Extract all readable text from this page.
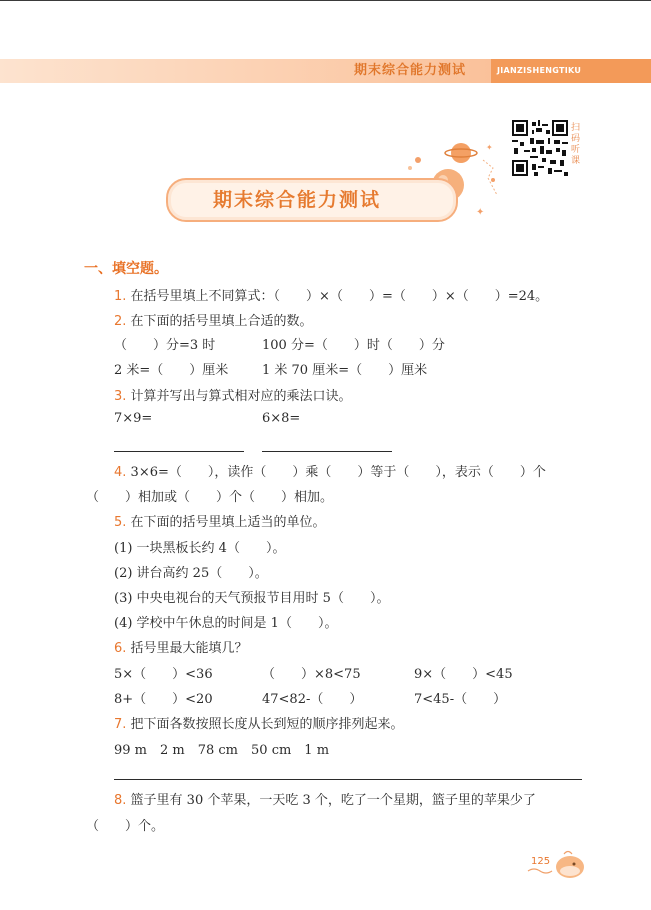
期末综合能力测试	JIANZISHENGTIKU
扫码听课
✦
✦
期末综合能力测试
一、填空题。
1. 在括号里填上不同算式：（　　）×（　　）=（　　）×（　　）=24。
2. 在下面的括号里填上合适的数。
（　　）分=3 时	100 分=（　　）时（　　）分
2 米=（　　）厘米	1 米 70 厘米=（　　）厘米
3. 计算并写出与算式相对应的乘法口诀。
7×9=	6×8=
4. 3×6=（　　），读作（　　）乘（　　）等于（　　），表示（　　）个
（　　）相加或（　　）个（　　）相加。
5. 在下面的括号里填上适当的单位。
(1) 一块黑板长约 4（　　）。
(2) 讲台高约 25（　　）。
(3) 中央电视台的天气预报节目用时 5（　　）。
(4) 学校中午休息的时间是 1（　　）。
6. 括号里最大能填几？
5×（　　）<36	（　　）×8<75	9×（　　）<45
8+（　　）<20	47<82-（　　）	7<45-（　　）
7. 把下面各数按照长度从长到短的顺序排列起来。
99 m　2 m　78 cm　50 cm　1 m
8. 篮子里有 30 个苹果，一天吃 3 个，吃了一个星期，篮子里的苹果少了
（　　）个。
125
